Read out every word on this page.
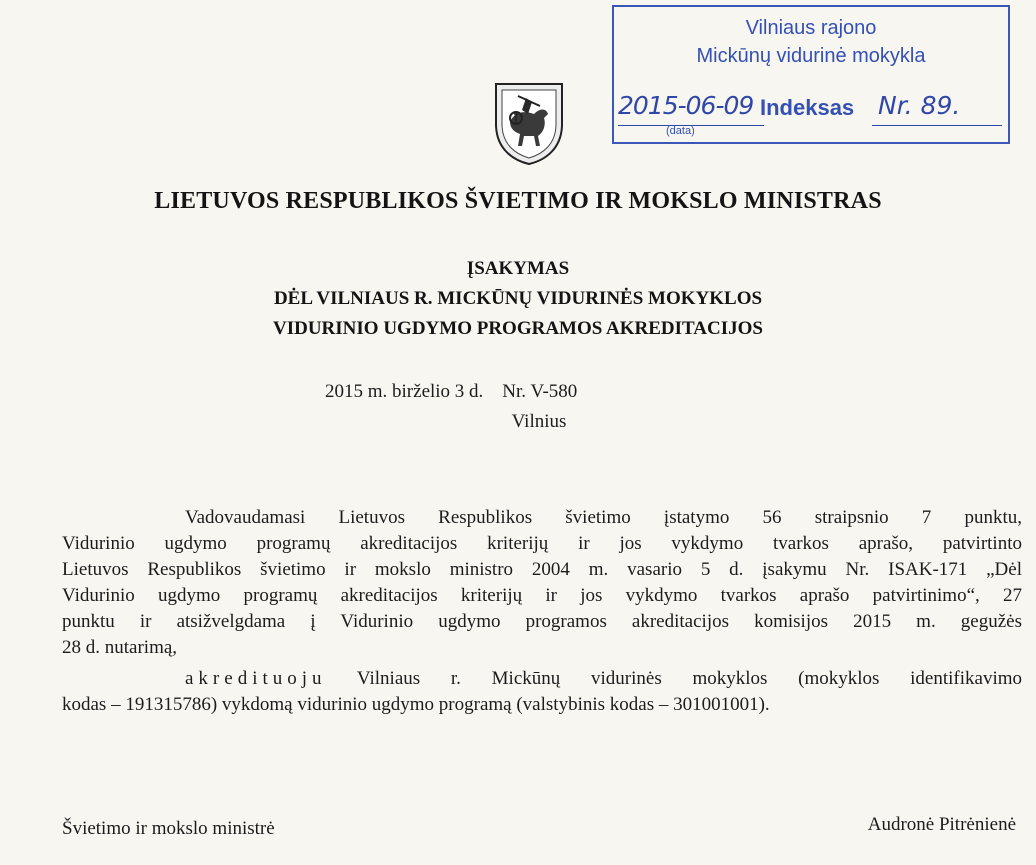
Vilniaus rajono
Mickūnų vidurinė mokykla
2015-06-09
(data)
Indeksas Nr. 89.
LIETUVOS RESPUBLIKOS ŠVIETIMO IR MOKSLO MINISTRAS
ĮSAKYMAS
DĖL VILNIAUS R. MICKŪNŲ VIDURINĖS MOKYKLOS
VIDURINIO UGDYMO PROGRAMOS AKREDITACIJOS
2015 m. birželio 3 d.    Nr. V-580
Vilnius
Vadovaudamasi Lietuvos Respublikos švietimo įstatymo 56 straipsnio 7 punktu,
Vidurinio ugdymo programų akreditacijos kriterijų ir jos vykdymo tvarkos aprašo, patvirtinto
Lietuvos Respublikos švietimo ir mokslo ministro 2004 m. vasario 5 d. įsakymu Nr. ISAK-171 „Dėl
Vidurinio ugdymo programų akreditacijos kriterijų ir jos vykdymo tvarkos aprašo patvirtinimo“, 27
punktu ir atsižvelgdama į Vidurinio ugdymo programos akreditacijos komisijos 2015 m. gegužės
28 d. nutarimą,
akredituoju Vilniaus r. Mickūnų vidurinės mokyklos (mokyklos identifikavimo
kodas – 191315786) vykdomą vidurinio ugdymo programą (valstybinis kodas – 301001001).
Švietimo ir mokslo ministrė	Audronė Pitrėnienė
